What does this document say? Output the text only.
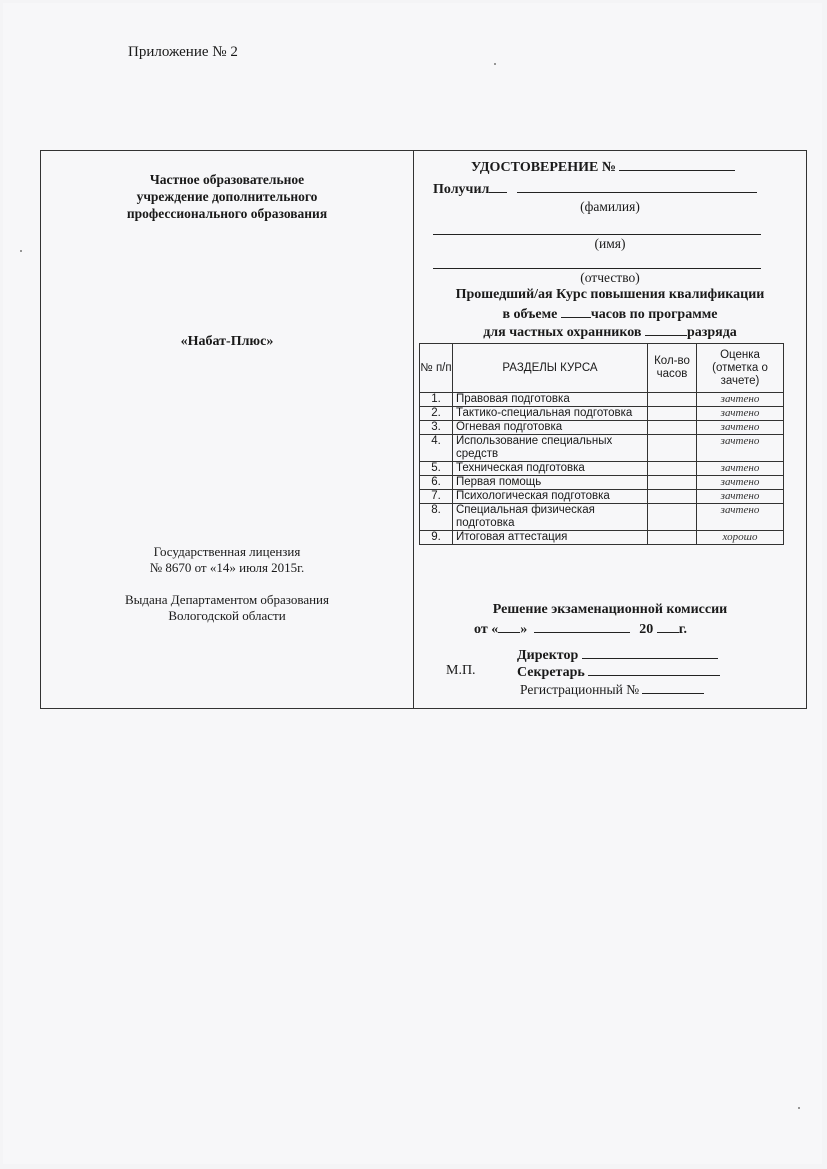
Приложение № 2
Частное образовательное
учреждение дополнительного
профессионального образования
«Набат-Плюс»
Государственная лицензия
№ 8670 от «14» июля 2015г.
Выдана Департаментом образования
Вологодской области
УДОСТОВЕРЕНИЕ №
Получил
(фамилия)
(имя)
(отчество)
Прошедший/ая Курс повышения квалификации
в объеме часов по программе
для частных охранников	разряда
№ п/п	РАЗДЕЛЫ КУРСА	Кол-во часов	Оценка (отметка о зачете)
1.	Правовая подготовка		зачтено
2.	Тактико-специальная подготовка		зачтено
3.	Огневая подготовка		зачтено
4.	Использование специальных средств		зачтено
5.	Техническая подготовка		зачтено
6.	Первая помощь		зачтено
7.	Психологическая подготовка		зачтено
8.	Специальная физическая подготовка		зачтено
9.	Итоговая аттестация		хорошо
Решение экзаменационной комиссии
от « »	20 г.
Директор
М.П.	Секретарь
Регистрационный №
